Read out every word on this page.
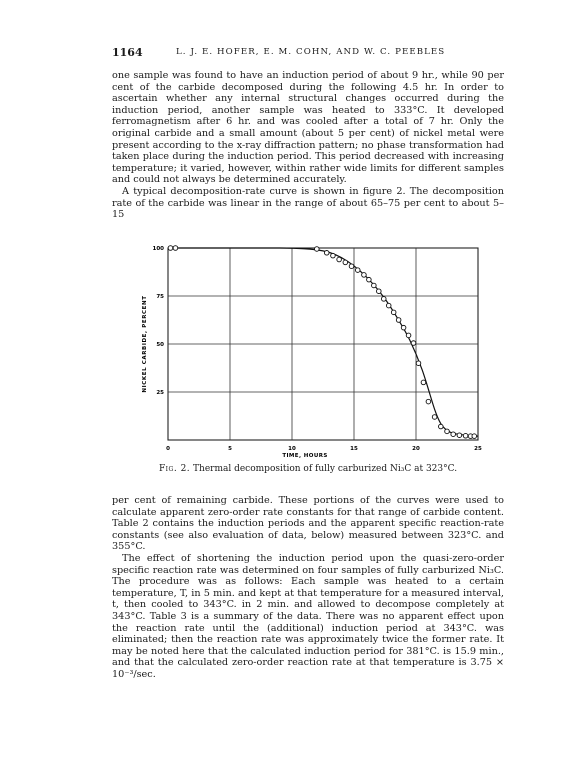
1164	L. J. E. HOFER, E. M. COHN, AND W. C. PEEBLES

one sample was found to have an induction period of about 9 hr., while 90 per cent of the carbide decomposed during the following 4.5 hr. In order to ascertain whether any internal structural changes occurred during the induction period, another sample was heated to 333°C. It developed ferromagnetism after 6 hr. and was cooled after a total of 7 hr. Only the original carbide and a small amount (about 5 per cent) of nickel metal were present according to the x-ray diffraction pattern; no phase transformation had taken place during the induction period. This period decreased with increasing temperature; it varied, however, within rather wide limits for different samples and could not always be determined accurately.

A typical decomposition-rate curve is shown in figure 2. The decomposition rate of the carbide was linear in the range of about 65–75 per cent to about 5–15

0	5	10	15	20	25
25
50
75
100
TIME, HOURS
NICKEL CARBIDE, PERCENT
Fig. 2. Thermal decomposition of fully carburized Ni₃C at 323°C.

per cent of remaining carbide. These portions of the curves were used to calculate apparent zero-order rate constants for that range of carbide content. Table 2 contains the induction periods and the apparent specific reaction-rate constants (see also evaluation of data, below) measured between 323°C. and 355°C.

The effect of shortening the induction period upon the quasi-zero-order specific reaction rate was determined on four samples of fully carburized Ni₃C. The procedure was as follows: Each sample was heated to a certain temperature, T, in 5 min. and kept at that temperature for a measured interval, t, then cooled to 343°C. in 2 min. and allowed to decompose completely at 343°C. Table 3 is a summary of the data. There was no apparent effect upon the reaction rate until the (additional) induction period at 343°C. was eliminated; then the reaction rate was approximately twice the former rate. It may be noted here that the calculated induction period for 381°C. is 15.9 min., and that the calculated zero-order reaction rate at that temperature is 3.75 × 10⁻³/sec.
